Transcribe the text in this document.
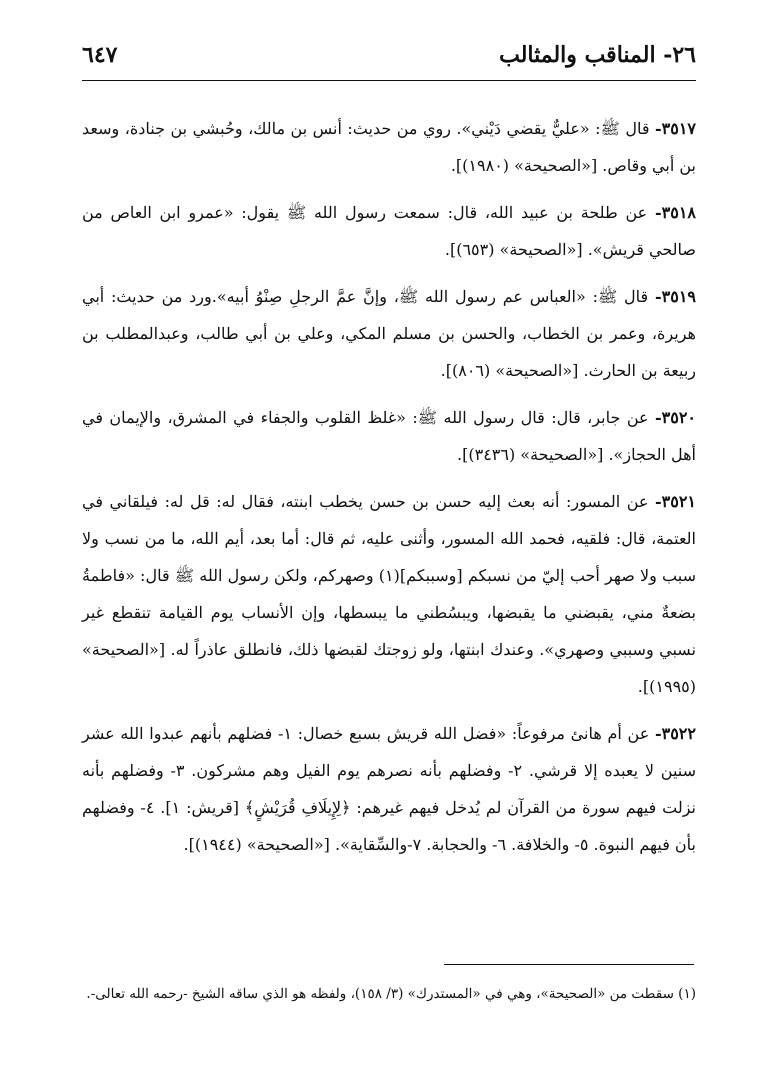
٢٦- المناقب والمثالب
٦٤٧

٣٥١٧- قال ﷺ: «عليٌّ يقضي دَيْني». روي من حديث: أنس بن مالك، وحُبشي بن جنادة، وسعد بن أبي وقاص. [«الصحيحة» (١٩٨٠)].

٣٥١٨- عن طلحة بن عبيد الله، قال: سمعت رسول الله ﷺ يقول: «عمرو ابن العاص من صالحي قريش». [«الصحيحة» (٦٥٣)].

٣٥١٩- قال ﷺ: «العباس عم رسول الله ﷺ، وإنَّ عمَّ الرجلِ صِنْوُ أبيه».ورد من حديث: أبي هريرة، وعمر بن الخطاب، والحسن بن مسلم المكي، وعلي بن أبي طالب، وعبدالمطلب بن ربيعة بن الحارث. [«الصحيحة» (٨٠٦)].

٣٥٢٠- عن جابر، قال: قال رسول الله ﷺ: «غلظ القلوب والجفاء في المشرق، والإيمان في أهل الحجاز». [«الصحيحة» (٣٤٣٦)].

٣٥٢١- عن المسور: أنه بعث إليه حسن بن حسن يخطب ابنته، فقال له: قل له: فيلقاني في العتمة، قال: فلقيه، فحمد الله المسور، وأثنى عليه، ثم قال: أما بعد، أيم الله، ما من نسب ولا سبب ولا صهر أحب إليّ من نسبكم [وسببكم](١) وصهركم، ولكن رسول الله ﷺ قال: «فاطمةُ بضعةٌ مني، يقبضني ما يقبضها، ويبسُطني ما يبسطها، وإن الأنساب يوم القيامة تنقطع غير نسبي وسببي وصهري». وعندك ابنتها، ولو زوجتك لقبضها ذلك، فانطلق عاذراً له. [«الصحيحة» (١٩٩٥)].

٣٥٢٢- عن أم هانئ مرفوعاً: «فضل الله قريش بسبع خصال: ١- فضلهم بأنهم عبدوا الله عشر سنين لا يعبده إلا قرشي. ٢- وفضلهم بأنه نصرهم يوم الفيل وهم مشركون. ٣- وفضلهم بأنه نزلت فيهم سورة من القرآن لم يُدخل فيهم غيرهم: ﴿لِإِيلَافِ قُرَيْشٍ﴾ [قريش: ١]. ٤- وفضلهم بأن فيهم النبوة. ٥- والخلافة. ٦- والحجابة. ٧-والسِّقاية». [«الصحيحة» (١٩٤٤)].

(١) سقطت من «الصحيحة»، وهي في «المستدرك» (٣/ ١٥٨)، ولفظه هو الذي ساقه الشيخ -رحمه الله تعالى-.
